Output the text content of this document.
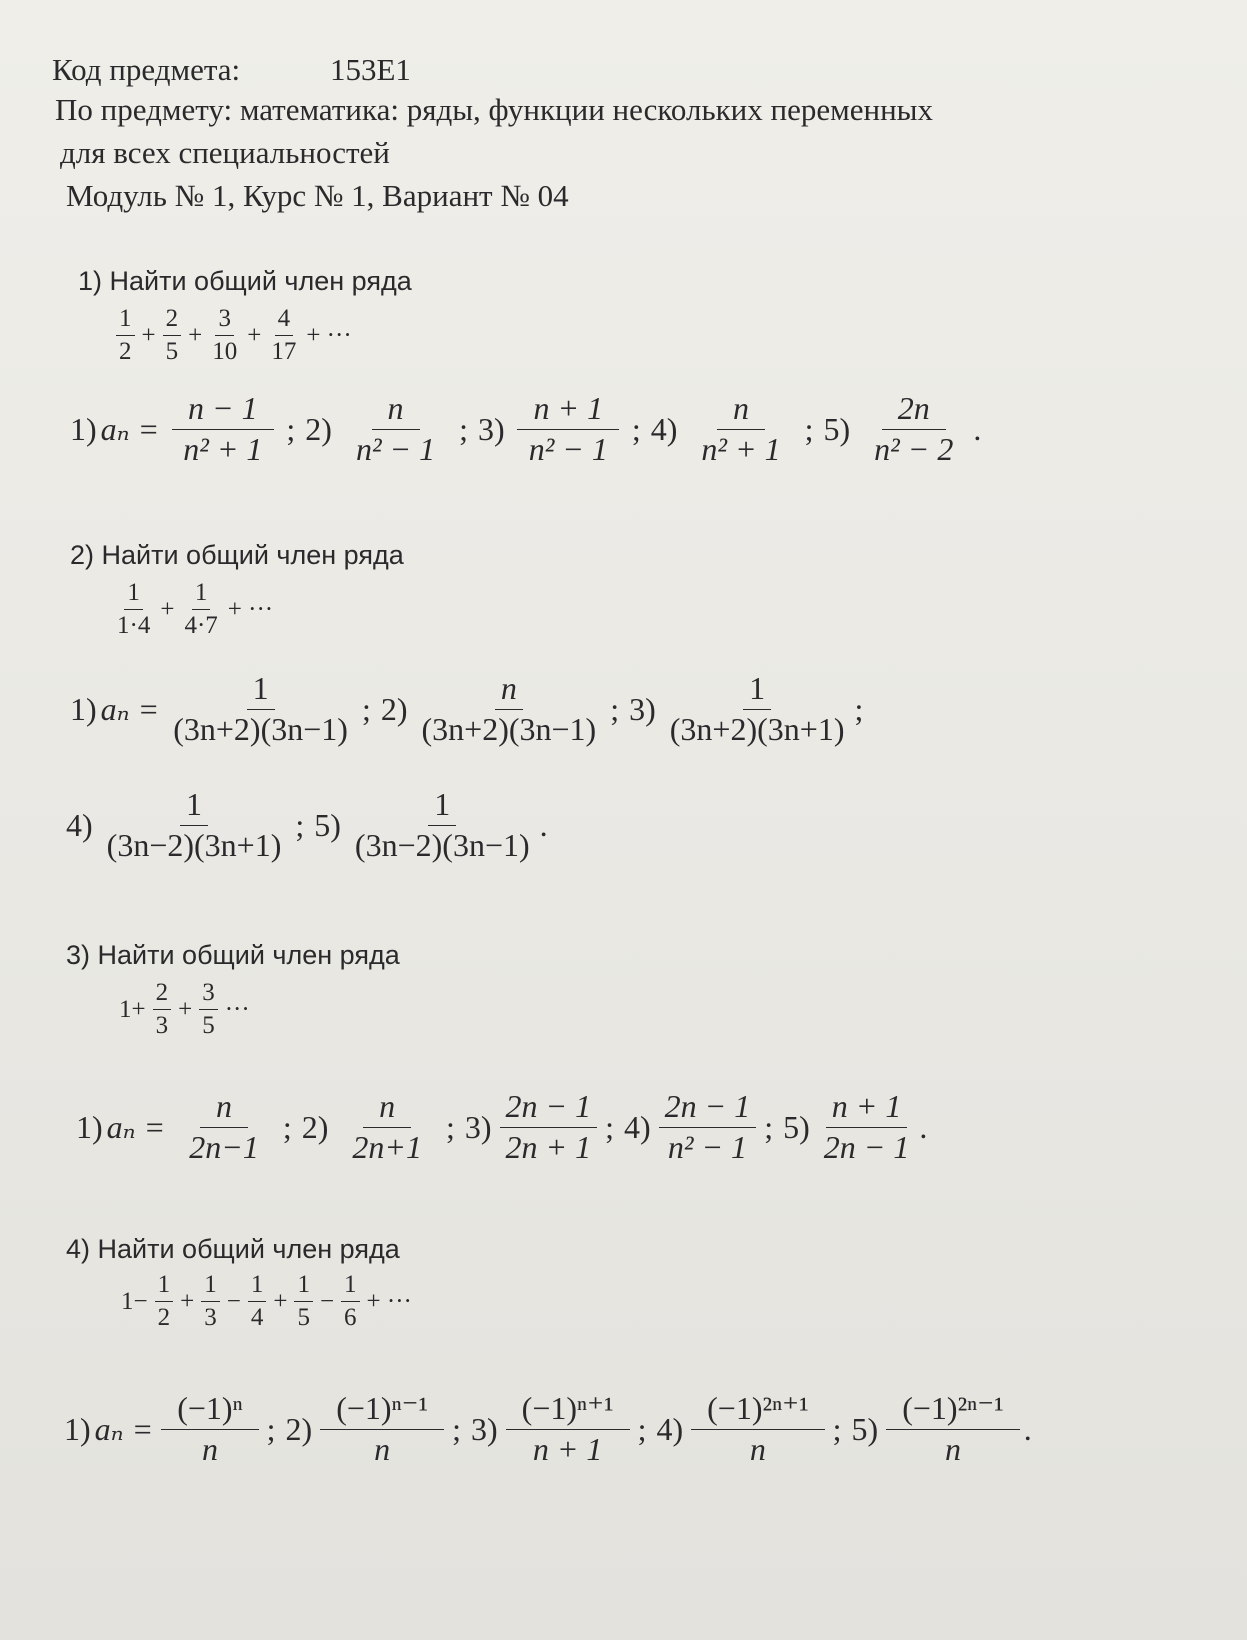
Код предмета:	153E1
По предмету: математика: ряды, функции нескольких переменных
для всех специальностей
Модуль № 1, Курс № 1, Вариант № 04
1) Найти общий член ряда
$\frac{1}{2} + \frac{2}{5} + \frac{3}{10} + \frac{4}{17}$ + ···
1) $a_n = \frac{n - 1}{\text{n² + 1}}$ ; $2) \frac{n}{\text{n² − 1}}$ ; $3) \frac{n + 1}{\text{n² − 1}}$ ; $4) \frac{n}{\text{n² + 1}}$ ; $5) \frac{2n}{\text{n² − 2}}$ .
2) Найти общий член ряда
$\frac{1}{1\cdot 4} + \frac{1}{4\cdot 7}$ + ···
1) $a_n = \frac{1}{(3n+2)(3n-1)}$ ; $2) \frac{n}{(3n+2)(3n-1)}$ ; $3) \frac{1}{(3n+2)(3n+1)}$ ;
$4) \frac{1}{(3n-2)(3n+1)}$ ; $5) \frac{1}{(3n-2)(3n-1)}$ .
3) Найти общий член ряда
$1+ \frac{2}{3} + \frac{3}{5}$ ···
1) $a_n = \frac{n}{2n-1}$ ; $2) \frac{n}{2n+1}$ ; $3) \frac{2n - 1}{2n + 1}$ ; $4) \frac{2n - 1}{\text{n² − 1}}$ ; $5) \frac{n + 1}{2n - 1}$ .
4) Найти общий член ряда
$1- \frac{1}{2} + \frac{1}{3} - \frac{1}{4} + \frac{1}{5} - \frac{1}{6}$ + ···
1) $a_n = \frac{\text{(−1)ⁿ}}{n}$ ; $2) \frac{\text{(−1)ⁿ⁻¹}}{n}$ ; $3) \frac{\text{(−1)ⁿ⁺¹}}{n + 1}$ ; $4) \frac{\text{(−1)²ⁿ⁺¹}}{n}$ ; $5) \frac{\text{(−1)²ⁿ⁻¹}}{n}$ .
